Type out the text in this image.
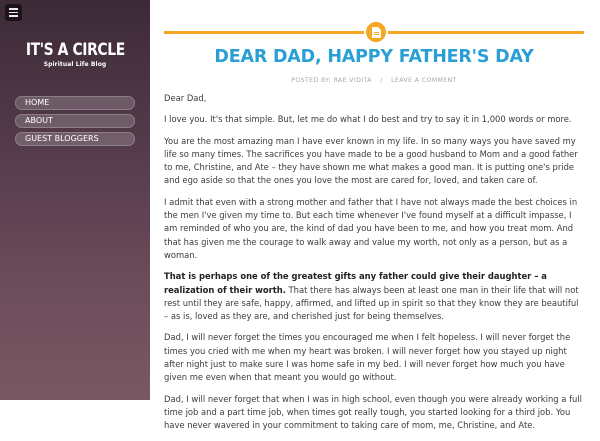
IT'S A CIRCLE
Spiritual Life Blog
HOME
ABOUT
GUEST BLOGGERS
DEAR DAD, HAPPY FATHER'S DAY
POSTED BY: RAE VIDITA / LEAVE A COMMENT

Dear Dad,

I love you. It's that simple. But, let me do what I do best and try to say it in 1,000 words or more.

You are the most amazing man I have ever known in my life. In so many ways you have saved my life so many times. The sacrifices you have made to be a good husband to Mom and a good father to me, Christine, and Ate – they have shown me what makes a good man. It is putting one's pride and ego aside so that the ones you love the most are cared for, loved, and taken care of.

I admit that even with a strong mother and father that I have not always made the best choices in the men I've given my time to. But each time whenever I've found myself at a difficult impasse, I am reminded of who you are, the kind of dad you have been to me, and how you treat mom. And that has given me the courage to walk away and value my worth, not only as a person, but as a woman.

That is perhaps one of the greatest gifts any father could give their daughter – a realization of their worth. That there has always been at least one man in their life that will not rest until they are safe, happy, affirmed, and lifted up in spirit so that they know they are beautiful – as is, loved as they are, and cherished just for being themselves.

Dad, I will never forget the times you encouraged me when I felt hopeless. I will never forget the times you cried with me when my heart was broken. I will never forget how you stayed up night after night just to make sure I was home safe in my bed. I will never forget how much you have given me even when that meant you would go without.

Dad, I will never forget that when I was in high school, even though you were already working a full time job and a part time job, when times got really tough, you started looking for a third job. You have never wavered in your commitment to taking care of mom, me, Christine, and Ate.
